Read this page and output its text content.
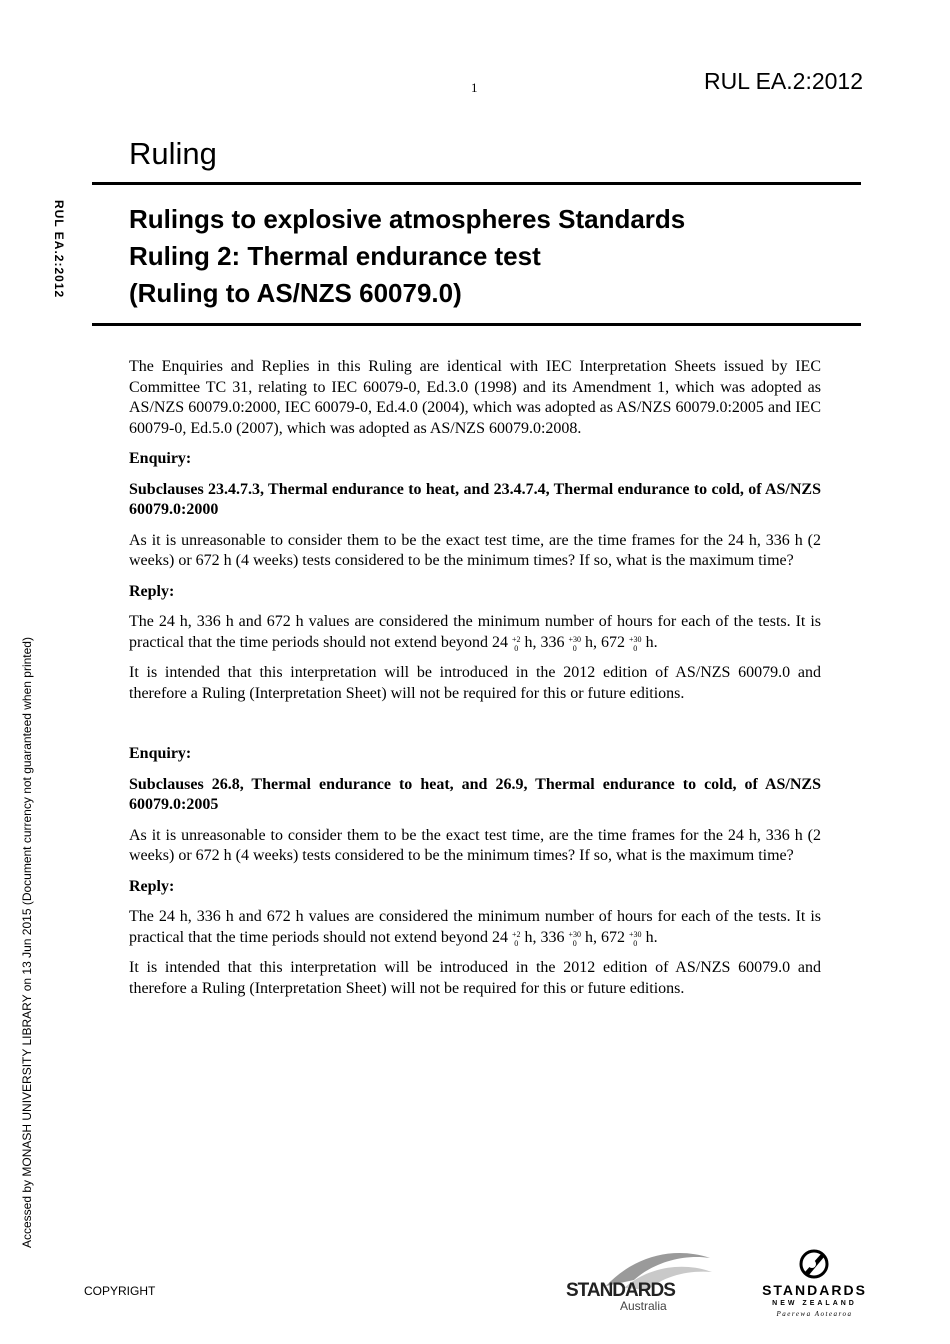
1	RUL EA.2:2012
Ruling
RUL EA.2:2012 Rulings to explosive atmospheres Standards
Ruling 2: Thermal endurance test
(Ruling to AS/NZS 60079.0)
Accessed by MONASH UNIVERSITY LIBRARY on 13 Jun 2015 (Document currency not guaranteed when printed)

The Enquiries and Replies in this Ruling are identical with IEC Interpretation Sheets issued by IEC Committee TC 31, relating to IEC 60079-0, Ed.3.0 (1998) and its Amendment 1, which was adopted as AS/NZS 60079.0:2000, IEC 60079-0, Ed.4.0 (2004), which was adopted as AS/NZS 60079.0:2005 and IEC 60079-0, Ed.5.0 (2007), which was adopted as AS/NZS 60079.0:2008.

Enquiry:

Subclauses 23.4.7.3, Thermal endurance to heat, and 23.4.7.4, Thermal endurance to cold, of AS/NZS 60079.0:2000

As it is unreasonable to consider them to be the exact test time, are the time frames for the 24 h, 336 h (2 weeks) or 672 h (4 weeks) tests considered to be the minimum times? If so, what is the maximum time?

Reply:

The 24 h, 336 h and 672 h values are considered the minimum number of hours for each of the tests. It is practical that the time periods should not extend beyond 24 +2
0 h, 336 +30
0 h, 672 +30
0 h.

It is intended that this interpretation will be introduced in the 2012 edition of AS/NZS 60079.0 and therefore a Ruling (Interpretation Sheet) will not be required for this or future editions.

Enquiry:

Subclauses 26.8, Thermal endurance to heat, and 26.9, Thermal endurance to cold, of AS/NZS 60079.0:2005

As it is unreasonable to consider them to be the exact test time, are the time frames for the 24 h, 336 h (2 weeks) or 672 h (4 weeks) tests considered to be the minimum times? If so, what is the maximum time?

Reply:

The 24 h, 336 h and 672 h values are considered the minimum number of hours for each of the tests. It is practical that the time periods should not extend beyond 24 +2
0 h, 336 +30
0 h, 672 +30
0 h.

It is intended that this interpretation will be introduced in the 2012 edition of AS/NZS 60079.0 and therefore a Ruling (Interpretation Sheet) will not be required for this or future editions.

COPYRIGHT	STANDARDS
Australia
STANDARDS
NEW ZEALAND
Paerewa Aotearoa
